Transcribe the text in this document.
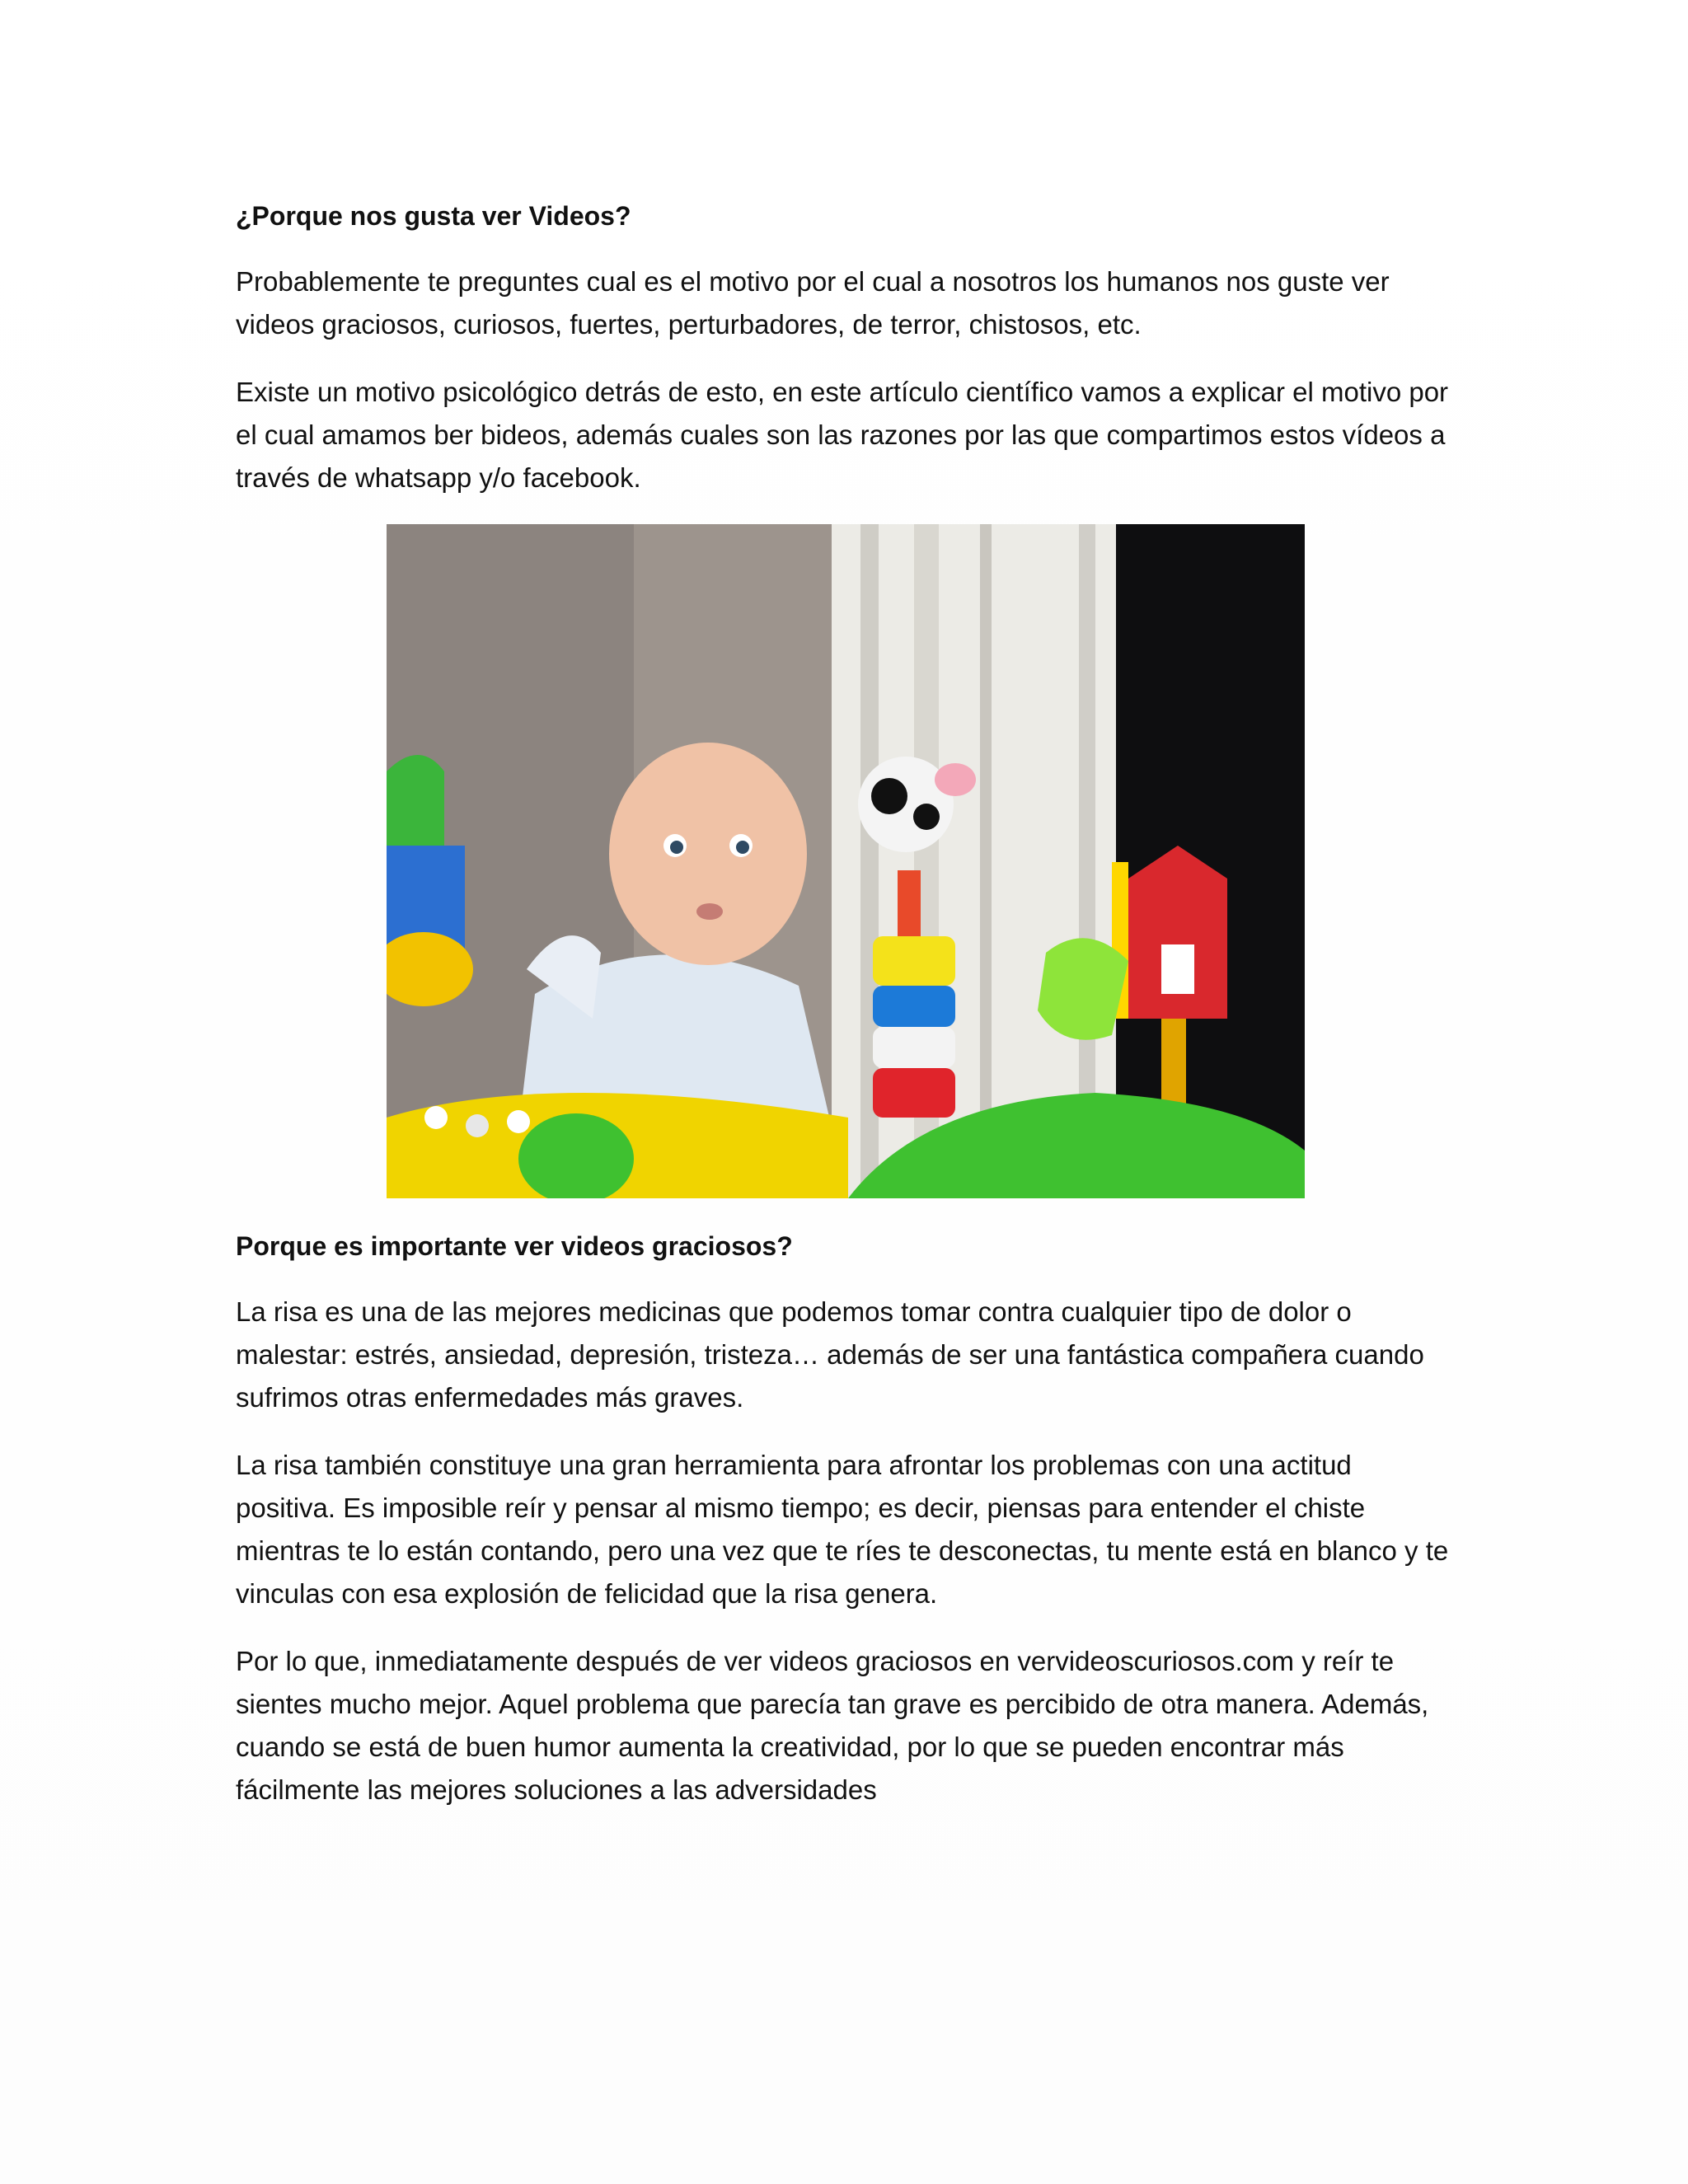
¿Porque nos gusta ver Videos?

Probablemente te preguntes cual es el motivo por el cual a nosotros los humanos nos guste ver videos graciosos, curiosos, fuertes, perturbadores, de terror, chistosos, etc.

Existe un motivo psicológico detrás de esto, en este artículo científico vamos a explicar el motivo por el cual amamos ber bideos, además cuales son las razones por las que compartimos estos vídeos a través de whatsapp y/o facebook.

Porque es importante ver videos graciosos?

La risa es una de las mejores medicinas que podemos tomar contra cualquier tipo de dolor o malestar: estrés, ansiedad, depresión, tristeza… además de ser una fantástica compañera cuando sufrimos otras enfermedades más graves.

La risa también constituye una gran herramienta para afrontar los problemas con una actitud positiva. Es imposible reír y pensar al mismo tiempo; es decir, piensas para entender el chiste mientras te lo están contando, pero una vez que te ríes te desconectas, tu mente está en blanco y te vinculas con esa explosión de felicidad que la risa genera.

Por lo que, inmediatamente después de ver videos graciosos en vervideoscuriosos.com y reír te sientes mucho mejor. Aquel problema que parecía tan grave es percibido de otra manera. Además, cuando se está de buen humor aumenta la creatividad, por lo que se pueden encontrar más fácilmente las mejores soluciones a las adversidades
